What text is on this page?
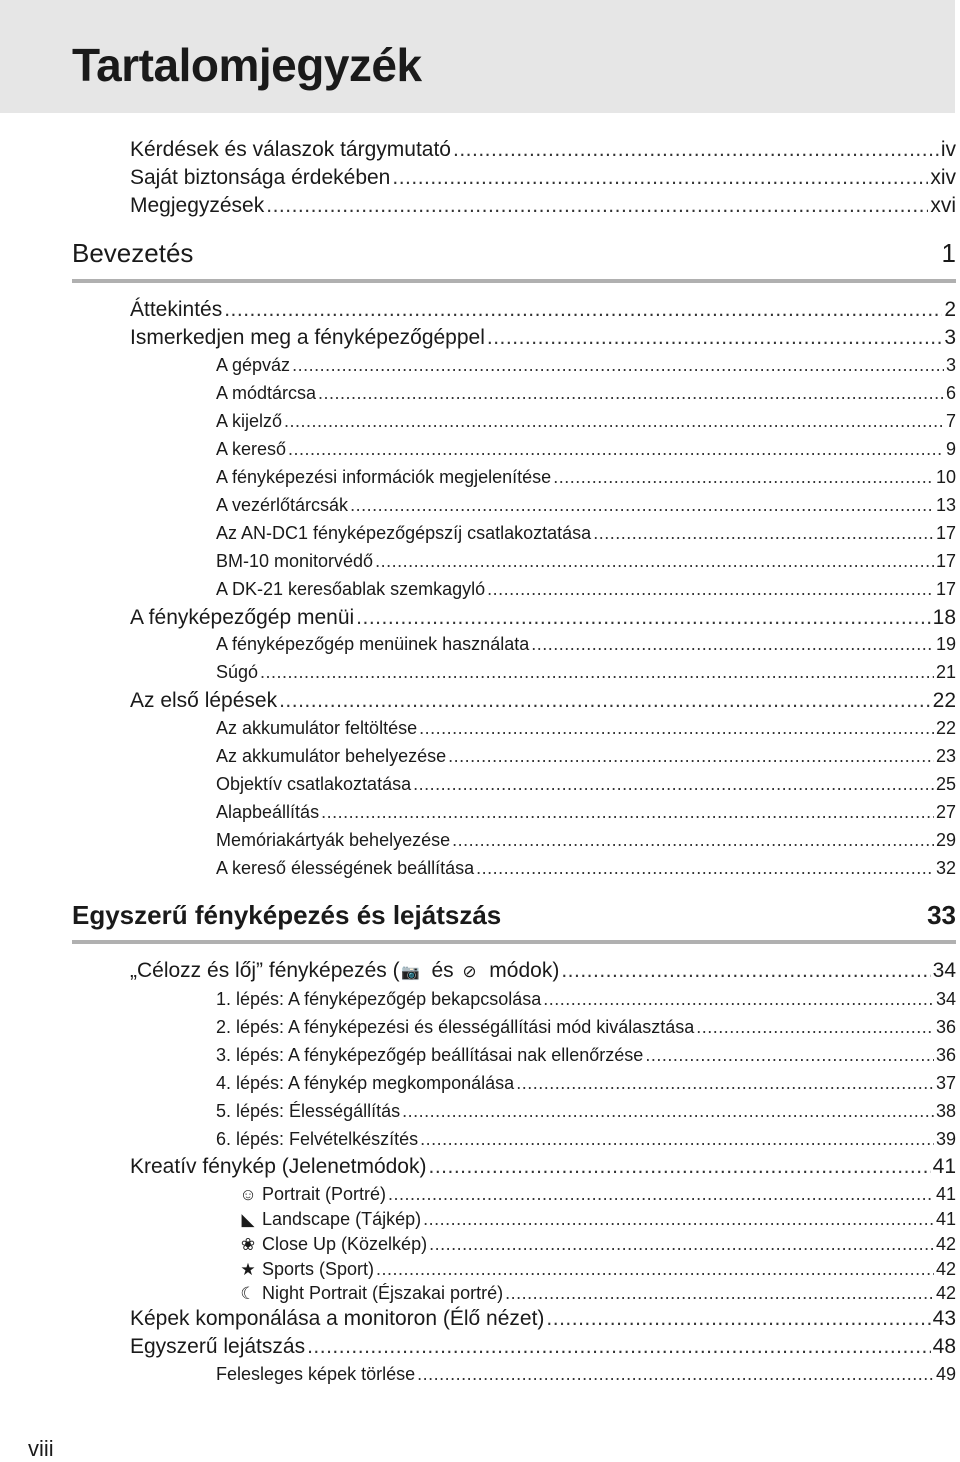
Tartalomjegyzék
Kérdések és válaszok tárgymutató .....	iv
Saját biztonsága érdekében .....	xiv
Megjegyzések .....	xvi
Bevezetés	1
Áttekintés .....	2
Ismerkedjen meg a fényképezőgéppel .....	3
A gépváz .....	3
A módtárcsa .....	6
A kijelző .....	7
A kereső .....	9
A fényképezési információk megjelenítése .....	10
A vezérlőtárcsák .....	13
Az AN-DC1 fényképezőgépszíj csatlakoztatása .....	17
BM-10 monitorvédő .....	17
A DK-21 keresőablak szemkagyló .....	17
A fényképezőgép menüi .....	18
A fényképezőgép menüinek használata .....	19
Súgó .....	21
Az első lépések .....	22
Az akkumulátor feltöltése .....	22
Az akkumulátor behelyezése .....	23
Objektív csatlakoztatása .....	25
Alapbeállítás .....	27
Memóriakártyák behelyezése .....	29
A kereső élességének beállítása .....	32
Egyszerű fényképezés és lejátszás	33
„Célozz és lőj” fényképezés ( 📷 és ⊘ módok) .....	34
1. lépés: A fényképezőgép bekapcsolása .....	34
2. lépés: A fényképezési és élességállítási mód kiválasztása .....	36
3. lépés: A fényképezőgép beállításai nak ellenőrzése .....	36
4. lépés: A fénykép megkomponálása .....	37
5. lépés: Élességállítás .....	38
6. lépés: Felvételkészítés .....	39
Kreatív fénykép (Jelenetmódok) .....	41
☺ Portrait (Portré) .....	41
◣ Landscape (Tájkép) .....	41
❀ Close Up (Közelkép) .....	42
★ Sports (Sport) .....	42
☾ Night Portrait (Éjszakai portré) .....	42
Képek komponálása a monitoron (Élő nézet) .....	43
Egyszerű lejátszás .....	48
Felesleges képek törlése .....	49
viii
